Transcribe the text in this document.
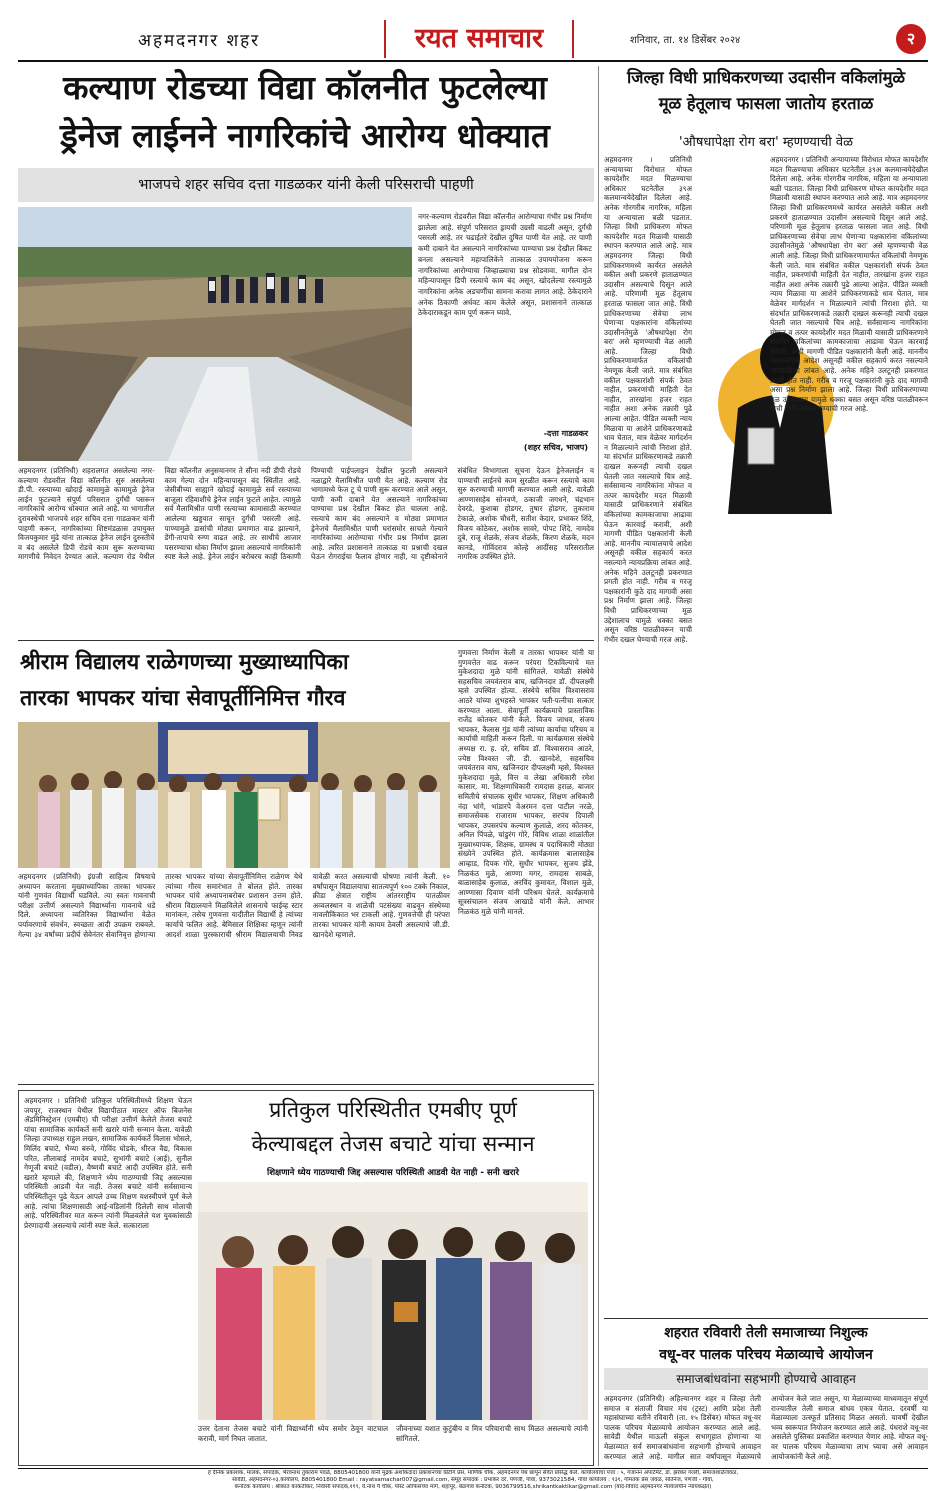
अहमदनगर शहर	रयत समाचार	शनिवार, ता. १४ डिसेंबर २०२४	२
कल्याण रोडच्या विद्या कॉलनीत फुटलेल्या
ड्रेनेज लाईनने नागरिकांचे आरोग्य धोक्यात
भाजपचे शहर सचिव दत्ता गाडळकर यांनी केली परिसराची पाहणी
नगर-कल्याण रोडवरील विद्या कॉलनीत आरोग्याचा गंभीर प्रश्न निर्माण झालेला आहे. संपूर्ण परिसरात ड्रायची उग्रसी वाढली असून, दुर्गंधी पसरली आहे. तर चढाईतरे देखील दुषित पाणी येत आहे. तर पाणी कमी दाबाने येत असल्याने नागरिकांच्या पाण्याचा प्रश्न देखील बिकट बनला असल्याने महापालिकेने तात्काळ उपाययोजना करून नागरिकांच्या आरोग्याचा जिव्हाळ्याचा प्रश्न सोडवावा. मागील दोन महिन्यापासून डिपी रस्त्याचे काम बंद असून, खोदलेल्या रस्त्यामुळे नागरिकांना अनेक अडचणींचा सामना करावा लागत आहे. ठेकेदाराने अनेक ठिकाणी अर्धवट काम केलेले असून, प्रशासनाने तात्काळ ठेकेदाराकडून काम पूर्ण करून घ्यावे.
-दत्ता गाडळकर
(शहर सचिव, भाजप)
अहमदनगर (प्रतिनिधी) शहरालगत असलेल्या नगर-कल्याण रोडवरील विद्या कॉलनीत सुरु असलेल्या डी.पी. रस्त्याच्या खोदाई कामामुळे कामामुळे ड्रेनेज लाईन फुटल्याने संपूर्ण परिसरात दुर्गंधी पसरून नागरिकांचे आरोग्य धोक्यात आले आहे. या भागातील दुरावस्थेची भाजपचे शहर सचिव दत्ता गाडळकर यांनी पाहणी करून, नागरिकांच्या शिष्टमंडळास उपायुक्त विजयकुमार मुंढे यांना तात्काळ ड्रेनेज लाईन दुरुस्तीचे व बंद असलेले डिपी रोडचे काम सुरू करण्याच्या मागणीचे निवेदन देण्यात आले. कल्याण रोड येथील विद्या कॉलनीत अनुसयानगर ते सीना नदी डीपी रोडचे काम गेल्या दोन महिन्यापासून बंद स्थितीत आहे. जेसीबीच्या साह्याने खोदाई कामामुळे सर्व रस्त्याच्या बाजूला रहिवाशीचे ड्रेनेज लाईन फुटले आहेत. त्यामुळे सर्व मैलामिश्रीत पाणी रस्त्याच्या कामासाठी करण्यात आलेल्या खड्डयात साचून दुर्गंधी पसरली आहे. पाण्यामुळे डासांची मोठ्या प्रमाणात वाढ झाल्याने, डेंगी-तापाचे रुग्ण वाढत आहे. तर साथीचे आजार पसरण्याचा धोका निर्माण झाला असल्याचे नागरिकांनी स्पष्ट केले आहे. ड्रेनेज लाईन बरोबरच काही ठिकाणी पिण्याची पाईपलाइन देखील फुटली असल्याने नळाद्वारे मैलामिश्रीत पाणी येत आहे. कल्याण रोड भागामध्ये फेज टू चे पाणी सुरू करण्यात आले असून, पाणी कमी दाबाने येत असल्याने नागरिकांच्या पाण्याचा प्रश्न देखील बिकट होत चालला आहे. रस्त्याचे काम बंद असल्याने व मोठ्या प्रमाणात ड्रेनेजचे मैलामिश्रीत पाणी घरांसमोर साचले गेल्याने नागरिकांच्या आरोग्याचा गंभीर प्रश्न निर्माण झाला आहे. त्वरित प्रशासनाने तात्काळ या प्रश्नाची दखल घेऊन रोगराईचा फैलाव होणार नाही, या दृष्टीकोनाने संबंधित विभागाला सूचना देऊन ड्रेनेजलाईन व पाण्याची लाईनचे काम सुरळीत करून रस्त्याचे काम सुरु करण्याची मागणी करण्यात आली आहे. यावेळी आण्णासाहेब सोनवणे, ठकाजी जगधने, चंद्रभान देवरडे, कुशाबा होडगर, तुषार होडगर, तुकाराम टेकाळे, अशोक चौधरी, सतीश केदार, प्रभाकर शिंदे, विजय कोठेकर, अशोक सावरे, पोपट शिंदे, नामदेव दुबे, राजू शेळके, संजय शेळके, किरण शेळके, मदन कानडे, गोविंदराव कोल्हे आदींसह परिसरातील नागरिक उपस्थित होते.
श्रीराम विद्यालय राळेगणच्या मुख्याध्यापिका
तारका भापकर यांचा सेवापूर्तीनिमित्त गौरव
गुणवत्ता निर्माण केली व तारका भापकर यांनी या गुणवत्तेत वाढ करून परंपरा टिकविल्याचे मत मुकेशदादा मुळे यांनी सांगितले. यावेळी संस्थेचे सहसचिव जयवंतराव बाघ, खजिनदार डॉ. दीपलक्ष्मी म्हसे उपस्थित होत्या. संस्थेचे सचिव विश्वासराव आठरे यांच्या शुभहस्ते भापकर पती-पत्नीचा सत्कार करण्यात आला. सेवापूर्ती कार्यक्रमाचे प्रास्ताविक राजेंद्र कोतकर यांनी केले. विजय जाधव, संजय भापकर, कैलास गुंड यांनी त्यांच्या कार्याचा परिचय व कार्याची माहिती करून दिली. या कार्यक्रमास संस्थेचे अध्यक्ष रा. ह. दरे, सचिव डॉ. विश्वासराव आठरे, ज्येष्ठ विश्वस्त जी. डी. खानदेशे, सहसचिव जयवंतराव वाघ, खजिनदार दीपलक्ष्मी म्हसे, विश्वस्त मुकेशदादा मुळे, वित्त व लेखा अधिकारी रमेश कासार, मा. शिक्षणाधिकारी रामदास हराळ, बाजार समितीचे संचालक सुधीर भापकर, शिक्षण अधिकारी नंदा भांगे, भांडारपे वेअरमन दत्ता पाटील नरळे, समाजसेवक राजाराम भापकर, सरपंच दिपाली भापकर, उपसरपंच कल्याण कुलाळे, शरद कोतकर, अनिल पिंपळे, चांडुरंग गोरे, विविध शाळा शाळांतील मुख्याध्यापक, शिक्षक, ग्रामस्थ व पदाधिकारी मोठ्या संख्येने उपस्थित होते. कार्यक्रमास बालासाहेब आव्हाड, दिपक गोरे, सुधीर भापकर, सुजय झेंडे, निळकंठ मुळे, आण्णा मगर, रामदास साबळे, बाळासाहेब कुलाळ, अरविंद कुमावत, विशाल मुळे, आण्णासा दिवाण यांनी परिश्रम घेतले. कार्यक्रमाचे सूत्रसंचालन संजय आखाडे यांनी केले. आभार निळकंठ मुळे यांनी मानले.
अहमदनगर (प्रतिनिधी) इंग्रजी साहित्य विषयाचे अध्यापन करताना मुख्याध्यापिका तारका भापकर यांनी गुणवंत विद्यार्थी घडविले. त्या स्वतः गावनाची परीक्षा उत्तीर्ण असल्याने विद्यार्थ्यांना गावनाचे धडे दिले. अध्यापना व्यतिरिक्त विद्यार्थ्यांना वेळेत पर्यावरणाचे संवर्धन, स्वच्छता आदी उपक्रम राबवले. गेल्या ३४ वर्षांच्या प्रदीर्घ सेवेनंतर सेवानिवृत्त होणाऱ्या तारका भापकर यांच्या सेवापूर्तीनिमित्त राळेगण येथे त्यांच्या गौरव समारंभात ते बोलत होते. तारका भापकर यांचे अध्यापनाबरोबर प्रशासन उत्तम होते. श्रीराम विद्यालयाने मिळविलेले शासनाचे फाईव्ह स्टार मानांकन, तसेच गुणवत्ता यादीतील विद्यार्थी हे त्यांच्या कार्याचे फलित आहे. बेमिसाल शिक्षिका म्हणून त्यांनी आदर्श शाळा पुरस्काराची श्रीराम विद्यालयाची निवड यावेळी करत असल्याची घोषणा त्यांनी केली. १० वर्षांपासून विद्यालयाचा सातत्यपूर्ण १०० टक्के निकाल, क्रीडा क्षेत्रात राष्ट्रीय आंतरराष्ट्रीय पातळीवर अव्वलस्थान व शाळेची पटसंख्या वाढवून संस्थेच्या नावलौकिकात भर टाकली आहे. गुणवत्तेची ही परंपरा तारका भापकर यांनी कायम ठेवली असल्याचे जी.डी. खानदेशे म्हणाले.
अहमदनगर । प्रतिनिधी प्रतिकुल परिस्थितीमध्ये शिक्षण घेऊन जयपूर, राजस्थान येथील विद्यापीठात मास्टर ऑफ बिजनेस ॲडमिनिस्ट्रेशन (एमबीए) ची परीक्षा उत्तीर्ण केलेले तेजस बचाटे यांचा सामाजिक कार्यकर्ते सनी खरारे यांनी सन्मान केला. यावेळी जिल्हा उपाध्यक्ष राहुल लखन, सामाजिक कार्यकर्ते विलास भोसले, मिलिंद बचाटे, भैय्या बरुवे, गोविंद घोडके, धीरज वैद्य, विकास परित, लीलाबाई नामदेव बचाटे, सुभांगी बचाटे (आई), सुनील गेणूजी बचाटे (वडील), वैष्णवी बचाटे आदी उपस्थित होते. सनी खरारे म्हणाले की, शिक्षणाने ध्येय गाठण्याची जिद्द असल्यास परिस्थिती आडवी येत नाही. तेजस बचाटे यांनी सर्वसामान्य परिस्थितीतून पुढे येऊन आपले उच्च शिक्षण यशस्वीपणे पूर्ण केले आहे. त्यांचा शिक्षणासाठी आई-वडिलांनी दिलेली साथ मोलाची आहे. परिस्थितीवर मात करून त्यांनी मिळवलेले यश युवकांसाठी प्रेरणादायी असल्याचे त्यांनी स्पष्ट केले. सत्काराला
प्रतिकुल परिस्थितीत एमबीए पूर्ण
केल्याबद्दल तेजस बचाटे यांचा सन्मान
शिक्षणाने ध्येय गाठण्याची जिद्द असल्यास परिस्थिती आडवी येत नाही - सनी खरारे
उत्तर देताना तेजस बचाटे यांनी विद्यार्थ्यांनी ध्येय समोर ठेवून वाटचाल करावी, मार्ग निघत जातात.
जीवनाच्या यशात कुटुंबीय व मित्र परिवाराची साथ मिळत असल्याचे त्यांनी सांगितले.
जिल्हा विधी प्राधिकरणच्या उदासीन वकिलांमुळे
मूळ हेतूलाच फासला जातोय हरताळ
'औषधापेक्षा रोग बरा' म्हणण्याची वेळ
अहमदनगर । प्रतिनिधी अन्यायाच्या विरोधात मोफत कायदेशीर मदत मिळण्याचा अधिकार घटनेतील ३९अ कलमान्वयेदेखील दिलेला आहे. अनेक गोरगरीब नागरिक, महिला या अन्यायाला बळी पडतात. जिल्हा विधी प्राधिकरण मोफत कायदेशीर मदत मिळावी यासाठी स्थापन करण्यात आले आहे. मात्र अहमदनगर जिल्हा विधी प्राधिकरणमध्ये कार्यरत असलेले वकील अशी प्रकरणे हाताळण्यात उदासीन असल्याचे दिसून आले आहे. परिणामी मूळ हेतूलाच हरताळ फासला जात आहे. विधी प्राधिकरणाच्या सेवेचा लाभ घेणाऱ्या पक्षकारांना वकिलांच्या उदासीनतेमुळे 'औषधापेक्षा रोग बरा' असे म्हणण्याची वेळ आली आहे. जिल्हा विधी प्राधिकरणामार्फत वकिलांची नेमणूक केली जाते. मात्र संबंधित वकील पक्षकारांशी संपर्क ठेवत नाहीत, प्रकरणांची माहिती देत नाहीत, तारखांना हजर राहत नाहीत अशा अनेक तक्रारी पुढे आल्या आहेत. पीडित व्यक्ती न्याय मिळावा या आशेने प्राधिकरणाकडे धाव घेतात, मात्र वेळेवर मार्गदर्शन न मिळाल्याने त्यांची निराशा होते. या संदर्भात प्राधिकरणाकडे तक्रारी दाखल करूनही त्याची दखल घेतली जात नसल्याचे चित्र आहे. सर्वसामान्य नागरिकांना मोफत व तत्पर कायदेशीर मदत मिळावी यासाठी प्राधिकरणाने संबंधित वकिलांच्या कामकाजाचा आढावा घेऊन कारवाई करावी, अशी मागणी पीडित पक्षकारांनी केली आहे. माननीय न्यायालयाचे आदेश असूनही वकील सहकार्य करत नसल्याने न्यायप्रक्रिया लांबत आहे. अनेक महिने उलटूनही प्रकरणात प्रगती होत नाही. गरीब व गरजू पक्षकारांनी कुठे दाद मागावी असा प्रश्न निर्माण झाला आहे. जिल्हा विधी प्राधिकरणाच्या मूळ उद्देशालाच यामुळे धक्का बसत असून वरिष्ठ पातळीवरून याची गंभीर दखल घेण्याची गरज आहे.
अहमदनगर । प्रतिनिधी अन्यायाच्या विरोधात मोफत कायदेशीर मदत मिळण्याचा अधिकार घटनेतील ३९अ कलमान्वयेदेखील दिलेला आहे. अनेक गोरगरीब नागरिक, महिला या अन्यायाला बळी पडतात. जिल्हा विधी प्राधिकरण मोफत कायदेशीर मदत मिळावी यासाठी स्थापन करण्यात आले आहे. मात्र अहमदनगर जिल्हा विधी प्राधिकरणमध्ये कार्यरत असलेले वकील अशी प्रकरणे हाताळण्यात उदासीन असल्याचे दिसून आले आहे. परिणामी मूळ हेतूलाच हरताळ फासला जात आहे. विधी प्राधिकरणाच्या सेवेचा लाभ घेणाऱ्या पक्षकारांना वकिलांच्या उदासीनतेमुळे 'औषधापेक्षा रोग बरा' असे म्हणण्याची वेळ आली आहे. जिल्हा विधी प्राधिकरणामार्फत वकिलांची नेमणूक केली जाते. मात्र संबंधित वकील पक्षकारांशी संपर्क ठेवत नाहीत, प्रकरणांची माहिती देत नाहीत, तारखांना हजर राहत नाहीत अशा अनेक तक्रारी पुढे आल्या आहेत. पीडित व्यक्ती न्याय मिळावा या आशेने प्राधिकरणाकडे धाव घेतात, मात्र वेळेवर मार्गदर्शन न मिळाल्याने त्यांची निराशा होते. या संदर्भात प्राधिकरणाकडे तक्रारी दाखल करूनही त्याची दखल घेतली जात नसल्याचे चित्र आहे. सर्वसामान्य नागरिकांना मोफत व तत्पर कायदेशीर मदत मिळावी यासाठी प्राधिकरणाने संबंधित वकिलांच्या कामकाजाचा आढावा घेऊन कारवाई करावी, अशी मागणी पीडित पक्षकारांनी केली आहे. माननीय न्यायालयाचे आदेश असूनही वकील सहकार्य करत नसल्याने न्यायप्रक्रिया लांबत आहे. अनेक महिने उलटूनही प्रकरणात प्रगती होत नाही. गरीब व गरजू पक्षकारांनी कुठे दाद मागावी असा प्रश्न निर्माण झाला आहे. जिल्हा विधी प्राधिकरणाच्या मूळ उद्देशालाच यामुळे धक्का बसत असून वरिष्ठ पातळीवरून याची गंभीर दखल घेण्याची गरज आहे.
शहरात रविवारी तेली समाजाच्या निशुल्क
वधू-वर पालक परिचय मेळाव्याचे आयोजन
समाजबांधवांना सहभागी होण्याचे आवाहन
अहमदनगर (प्रतिनिधी) अहिल्यानगर शहर व जिल्हा तेली समाज व संताजी विचार मंच (ट्रस्ट) आणि प्रदेश तेली महासंघाच्या वतीने रविवारी (ता. १५ डिसेंबर) मोफत वधू-वर पालक परिचय मेळाव्याचे आयोजन करण्यात आले आहे. सावेडी येथील माऊली संकुल सभागृहात होणाऱ्या या मेळाव्यात सर्व समाजबांधवांना सहभागी होण्याचे आवाहन करण्यात आले आहे. मागील सात वर्षांपासून मेळाव्याचे आयोजन केले जात असून, या मेळाव्याच्या माध्यमातून संपूर्ण राज्यातील तेली समाज बांधव एकत्र येतात. दरवर्षी या मेळाव्याला उत्स्फूर्त प्रतिसाद मिळत असतो. यावर्षी देखील भव्य स्वरूपात नियोजन करण्यात आले आहे. पंधराशे वधू-वर असलेले पुस्तिका प्रकाशित करण्यात येणार आहे. मोफत वधू-वर पालक परिचय मेळाव्याचा लाभ घ्यावा असे आवाहन आयोजकांनी केले आहे.
हे दैनिक प्रकाशक, मालक, संपादक, भैरवनाथ तुकाराम पवळे, 8805401800 यांनी मुद्रक अशोकदादा प्रकाशनच्या प्रिंटींग प्रेस, माणिक चौक, अहमदनगर येथे छापून सेवेत प्रसिद्ध केले. कार्यालयाचा पत्ता : ५, गजानन अपार्टमेंट, डॉ. झरेकर गल्ली, समाजशाळेजवळ,
सावेडी, अहमदनगर-०३.कार्यालय, 8805401800 Email : rayatsamachar007@gmail.com, समूह संपादक : प्रभाकर दरे, पणजी, गोवा, 9373021584, गोवा कार्यालय : १३१, गोमंतक प्रेस जवळ, संतिनेज, पणजी - गोवा,
कर्नाटक कार्यालय : श्रीकांत काकतीकर, निवासी संपादक,११९, वे.नाथ पै चौक, पोस्ट ऑफिसच्या मागे, शहापूर, बेळगाव कर्नाटक, 9036799516,shrikantkaktikar@gmail.com (वाद-विवाद अहमदनगर न्यायालयीन न्यायकक्षेत)
